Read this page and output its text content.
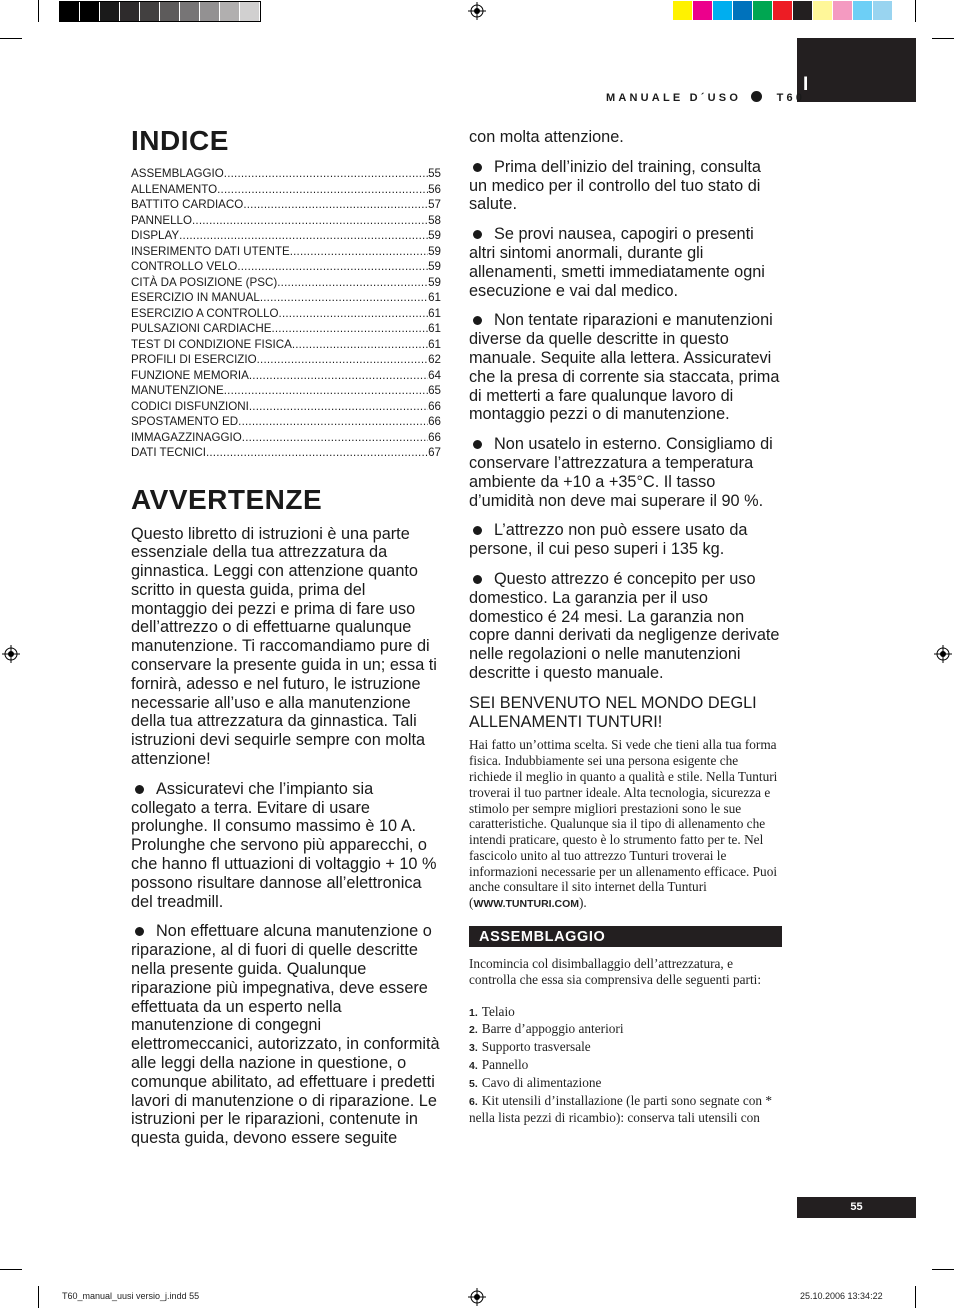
I
MANUALE D´USO	T60
INDICE
ASSEMBLAGGIO .....	55
ALLENAMENTO .....	56
BATTITO CARDIACO .....	57
PANNELLO .....	58
DISPLAY .....	59
INSERIMENTO DATI UTENTE .....	59
CONTROLLO VELO .....	59
CITÀ DA POSIZIONE (PSC) .....	59
ESERCIZIO IN MANUAL .....	61
ESERCIZIO A CONTROLLO .....	61
PULSAZIONI CARDIACHE .....	61
TEST DI CONDIZIONE FISICA .....	61
PROFILI DI ESERCIZIO .....	62
FUNZIONE MEMORIA .....	64
MANUTENZIONE .....	65
CODICI DISFUNZIONI .....	66
SPOSTAMENTO ED .....	66
IMMAGAZZINAGGIO .....	66
DATI TECNICI .....	67
AVVERTENZE

Questo libretto di istruzioni è una parte essenziale della tua attrezzatura da ginnastica. Leggi con attenzione quanto scritto in questa guida, prima del montaggio dei pezzi e prima di fare uso dell’attrezzo o di effettuarne qualunque manutenzione. Ti raccomandiamo pure di conservare la presente guida in un; essa ti fornirà, adesso e nel futuro, le istruzione necessarie all’uso e alla manutenzione della tua attrezzatura da ginnastica. Tali istruzioni devi sequirle sempre con molta attenzione!

Assicuratevi che l’impianto sia collegato a terra. Evitare di usare prolunghe. Il consumo massimo è 10 A. Prolunghe che servono più apparecchi, o che hanno fl uttuazioni di voltaggio + 10 % possono risultare dannose all’elettronica del treadmill.

Non effettuare alcuna manutenzione o riparazione, al di fuori di quelle descritte nella presente guida. Qualunque riparazione più impegnativa, deve essere effettuata da un esperto nella manutenzione di congegni elettromeccanici, autorizzato, in conformità alle leggi della nazione in questione, o comunque abilitato, ad effettuare i predetti lavori di manutenzione o di riparazione. Le istruzioni per le riparazioni, contenute in questa guida, devono essere seguite

con molta attenzione.

Prima dell’inizio del training, consulta un medico per il controllo del tuo stato di salute.

Se provi nausea, capogiri o presenti altri sintomi anormali, durante gli allenamenti, smetti immediatamente ogni esecuzione e vai dal medico.

Non tentate riparazioni e manutenzioni diverse da quelle descritte in questo manuale. Sequite alla lettera. Assicuratevi che la presa di corrente sia staccata, prima di metterti a fare qualunque lavoro di montaggio pezzi o di manutenzione.

Non usatelo in esterno. Consigliamo di conservare l’attrezzatura a temperatura ambiente da +10 a +35°C. Il tasso d’umidità non deve mai superare il 90 %.

L’attrezzo non può essere usato da persone, il cui peso superi i 135 kg.

Questo attrezzo é concepito per uso domestico. La garanzia per il uso domestico é 24 mesi. La garanzia non copre danni derivati da negligenze derivate nelle regolazioni o nelle manutenzioni descritte i questo manuale.

SEI BENVENUTO NEL MONDO DEGLI ALLENAMENTI TUNTURI!

Hai fatto un’ottima scelta. Si vede che tieni alla tua forma fisica. Indubbiamente sei una persona esigente che richiede il meglio in quanto a qualità e stile. Nella Tunturi troverai il tuo partner ideale. Alta tecnologia, sicurezza e stimolo per sempre migliori prestazioni sono le sue caratteristiche. Qualunque sia il tipo di allenamento che intendi praticare, questo è lo strumento fatto per te. Nel fascicolo unito al tuo attrezzo Tunturi troverai le informazioni necessarie per un allenamento efficace. Puoi anche consultare il sito internet della Tunturi (WWW.TUNTURI.COM).

ASSEMBLAGGIO

Incomincia col disimballaggio dell’attrezzatura, e controlla che essa sia comprensiva delle seguenti parti:

1. Telaio
2. Barre d’appoggio anteriori
3. Supporto trasversale
4. Pannello
5. Cavo di alimentazione
6. Kit utensili d’installazione (le parti sono segnate con * nella lista pezzi di ricambio): conserva tali utensili con
55
T60_manual_uusi versio_j.indd 55	25.10.2006 13:34:22
